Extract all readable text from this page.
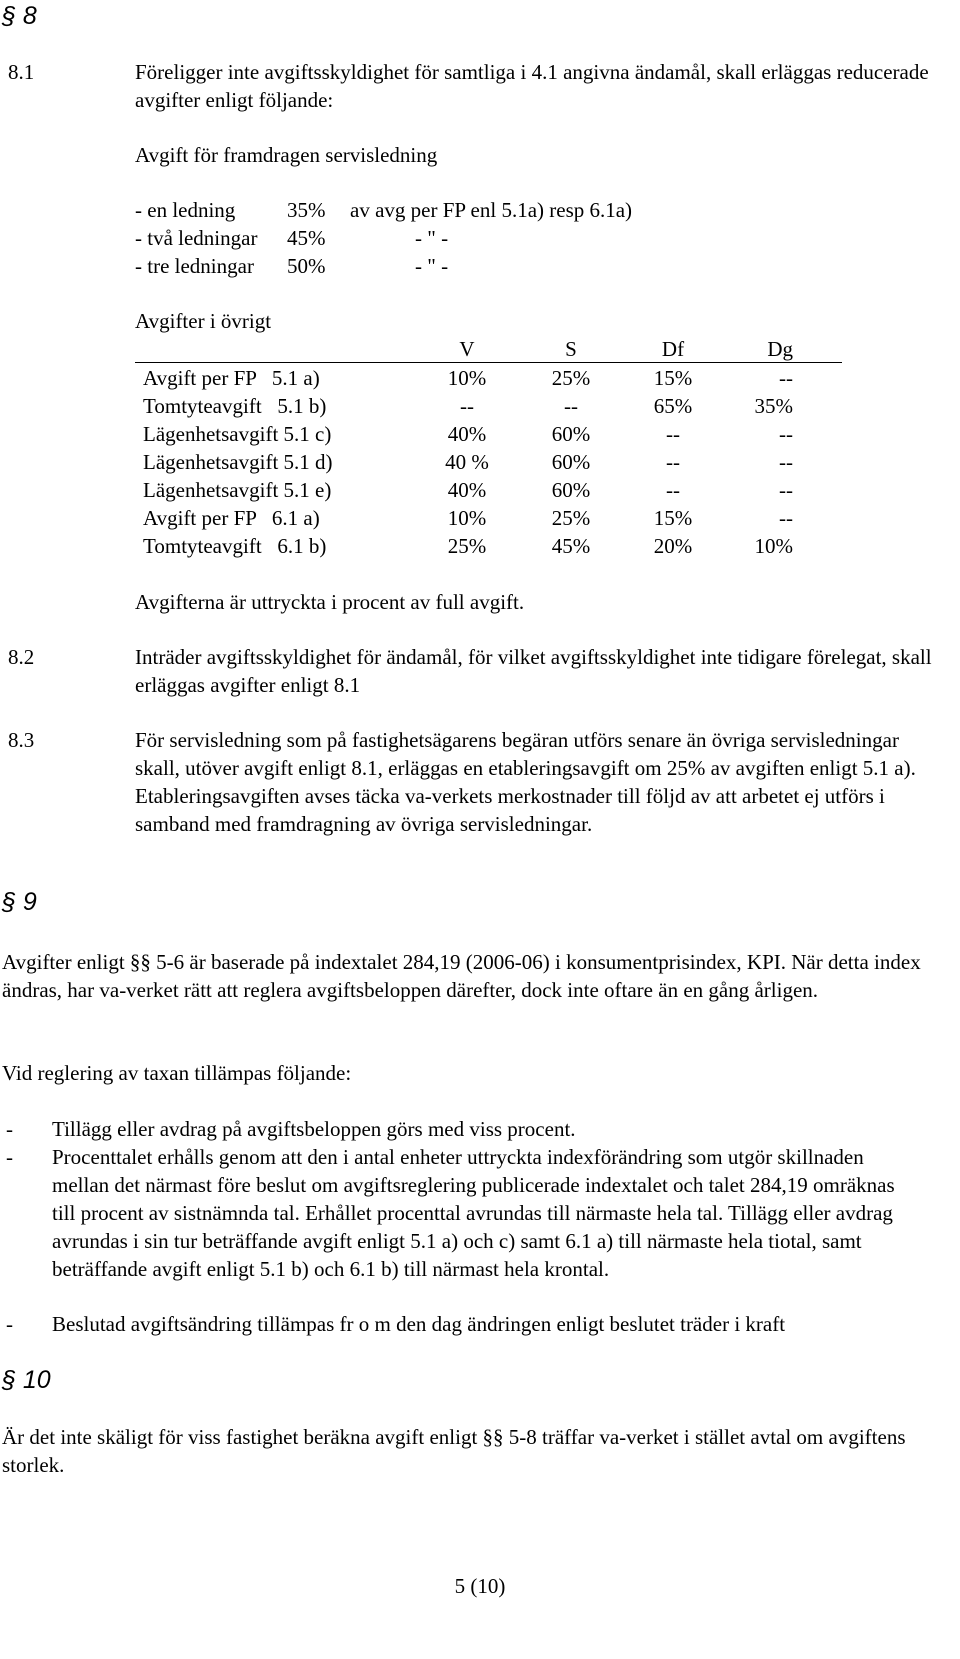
§ 8
8.1	Föreligger inte avgiftsskyldighet för samtliga i 4.1 angivna ändamål, skall erläggas reducerade avgifter enligt följande:
Avgift för framdragen servisledning
- en ledning 35% av avg per FP enl 5.1a) resp 6.1a)
- två ledningar 45%	- " -
- tre ledningar 50%	- " -
Avgifter i övrigt
V	S	Df	Dg
Avgift per FP   5.1 a)	10%	25%	15%	--
Tomtyteavgift   5.1 b)	--	--	65%	35%
Lägenhetsavgift 5.1 c)	40%	60%	--	--
Lägenhetsavgift 5.1 d)	40 %	60%	--	--
Lägenhetsavgift 5.1 e)	40%	60%	--	--
Avgift per FP   6.1 a)	10%	25%	15%	--
Tomtyteavgift   6.1 b)	25%	45%	20%	10%
Avgifterna är uttryckta i procent av full avgift.
8.2	Inträder avgiftsskyldighet för ändamål, för vilket avgiftsskyldighet inte tidigare förelegat, skall erläggas avgifter enligt 8.1
8.3	För servisledning som på fastighetsägarens begäran utförs senare än övriga servisledningar skall, utöver avgift enligt 8.1, erläggas en etableringsavgift om 25% av avgiften enligt 5.1 a). Etableringsavgiften avses täcka va-verkets merkostnader till följd av att arbetet ej utförs i samband med framdragning av övriga servisledningar.
§ 9
Avgifter enligt §§ 5-6 är baserade på indextalet 284,19 (2006-06) i konsumentprisindex, KPI. När detta index ändras, har va-verket rätt att reglera avgiftsbeloppen därefter, dock inte oftare än en gång årligen.
Vid reglering av taxan tillämpas följande:
- Tillägg eller avdrag på avgiftsbeloppen görs med viss procent.
- Procenttalet erhålls genom att den i antal enheter uttryckta indexförändring som utgör skillnaden mellan det närmast före beslut om avgiftsreglering publicerade indextalet och talet 284,19 omräknas till procent av sistnämnda tal. Erhållet procenttal avrundas till närmaste hela tal. Tillägg eller avdrag avrundas i sin tur beträffande avgift enligt 5.1 a) och c) samt 6.1 a) till närmaste hela tiotal, samt beträffande avgift enligt 5.1 b) och 6.1 b) till närmast hela krontal.
- Beslutad avgiftsändring tillämpas fr o m den dag ändringen enligt beslutet träder i kraft
§ 10
Är det inte skäligt för viss fastighet beräkna avgift enligt §§ 5-8 träffar va-verket i stället avtal om avgiftens storlek.
5 (10)
